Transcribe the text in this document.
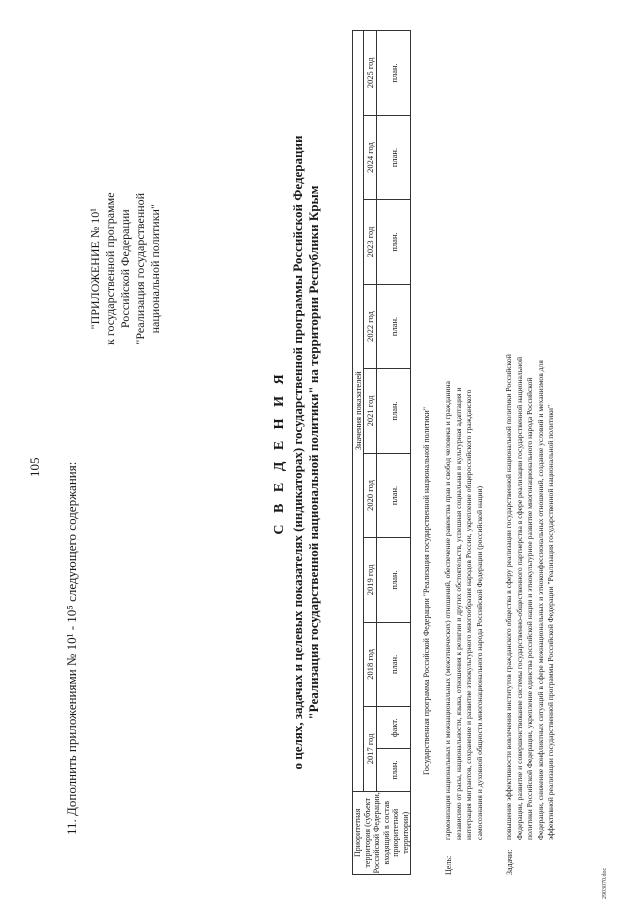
105 11. Дополнить приложениями № 10¹ - 10⁵ следующего содержания:
"ПРИЛОЖЕНИЕ № 10¹ к государственной программе Российской Федерации "Реализация государственной национальной политики"
С В Е Д Е Н И Я о целях, задачах и целевых показателях (индикаторах) государственной программы Российской Федерации "Реализация государственной национальной политики" на территории Республики Крым
Приоритетная территория (субъект Российской Федерации, входящий в состав приоритетной территории)	Значения показателей									
	2017 год		2018 год	2019 год	2020 год	2021 год	2022 год	2023 год	2024 год	2025 год
	план.	факт.	план.	план.	план.	план.	план.	план.	план.	план.
Государственная программа Российской Федерации "Реализация государственной национальной политики"
Цель:
гармонизация национальных и межнациональных (межэтнических) отношений, обеспечение равенства прав и свобод человека и гражданина независимо от расы, национальности, языка, отношения к религии и других обстоятельств, успешная социальная и культурная адаптация и интеграция мигрантов, сохранение и развитие этнокультурного многообразия народов России, укрепление общероссийского гражданского самосознания и духовной общности многонационального народа Российской Федерации (российской нации)
Задачи:
повышение эффективности вовлечения институтов гражданского общества в сферу реализации государственной национальной политики Российской Федерации, развитие и совершенствование системы государственно-общественного партнерства в сфере реализации государственной национальной политики Российской Федерации, укрепление единства российской нации и этнокультурное развитие многонационального народа Российской Федерации, снижение конфликтных ситуаций в сфере межнациональных и этноконфессиональных отношений, создание условий и механизмов для эффективной реализации государственной программы Российской Федерации "Реализация государственной национальной политики"
2903070.doc
